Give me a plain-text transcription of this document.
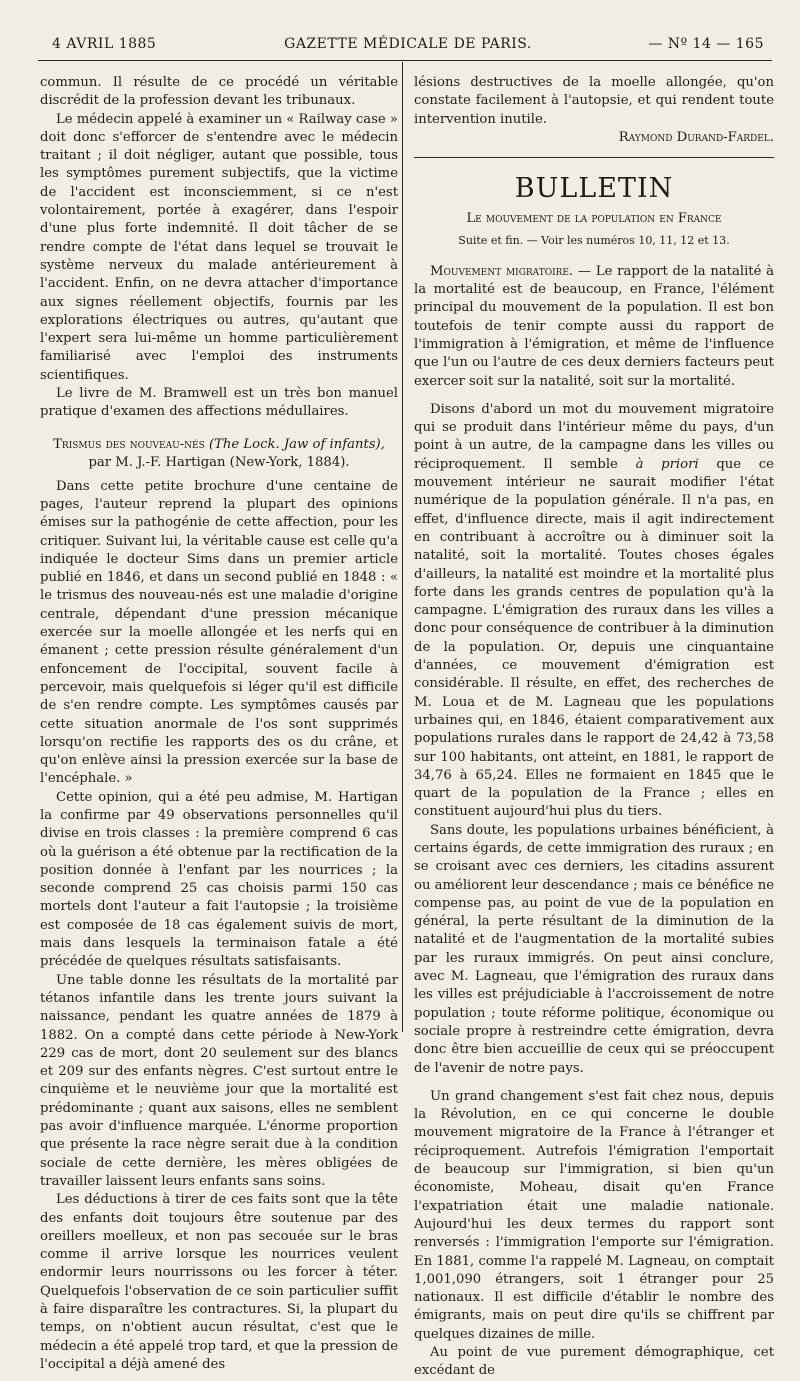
4 AVRIL 1885	GAZETTE MÉDICALE DE PARIS.	— Nº 14 — 165

commun. Il résulte de ce procédé un véritable discrédit de la profession devant les tribunaux.

Le médecin appelé à examiner un « Railway case » doit donc s'efforcer de s'entendre avec le médecin traitant ; il doit négliger, autant que possible, tous les symptômes purement subjectifs, que la victime de l'accident est inconsciemment, si ce n'est volontairement, portée à exagérer, dans l'espoir d'une plus forte indemnité. Il doit tâcher de se rendre compte de l'état dans lequel se trouvait le système nerveux du malade antérieurement à l'accident. Enfin, on ne devra attacher d'importance aux signes réellement objectifs, fournis par les explorations électriques ou autres, qu'autant que l'expert sera lui-même un homme particulièrement familiarisé avec l'emploi des instruments scientifiques.

Le livre de M. Bramwell est un très bon manuel pratique d'examen des affections médullaires.

Trismus des nouveau-nés (The Lock. Jaw of infants),
par M. J.-F. Hartigan (New-York, 1884).

Dans cette petite brochure d'une centaine de pages, l'auteur reprend la plupart des opinions émises sur la pathogénie de cette affection, pour les critiquer. Suivant lui, la véritable cause est celle qu'a indiquée le docteur Sims dans un premier article publié en 1846, et dans un second publié en 1848 : « le trismus des nouveau-nés est une maladie d'origine centrale, dépendant d'une pression mécanique exercée sur la moelle allongée et les nerfs qui en émanent ; cette pression résulte généralement d'un enfoncement de l'occipital, souvent facile à percevoir, mais quelquefois si léger qu'il est difficile de s'en rendre compte. Les symptômes causés par cette situation anormale de l'os sont supprimés lorsqu'on rectifie les rapports des os du crâne, et qu'on enlève ainsi la pression exercée sur la base de l'encéphale. »

Cette opinion, qui a été peu admise, M. Hartigan la confirme par 49 observations personnelles qu'il divise en trois classes : la première comprend 6 cas où la guérison a été obtenue par la rectification de la position donnée à l'enfant par les nourrices ; la seconde comprend 25 cas choisis parmi 150 cas mortels dont l'auteur a fait l'autopsie ; la troisième est composée de 18 cas également suivis de mort, mais dans lesquels la terminaison fatale a été précédée de quelques résultats satisfaisants.

Une table donne les résultats de la mortalité par tétanos infantile dans les trente jours suivant la naissance, pendant les quatre années de 1879 à 1882. On a compté dans cette période à New-York 229 cas de mort, dont 20 seulement sur des blancs et 209 sur des enfants nègres. C'est surtout entre le cinquième et le neuvième jour que la mortalité est prédominante ; quant aux saisons, elles ne semblent pas avoir d'influence marquée. L'énorme proportion que présente la race nègre serait due à la condition sociale de cette dernière, les mères obligées de travailler laissent leurs enfants sans soins.

Les déductions à tirer de ces faits sont que la tête des enfants doit toujours être soutenue par des oreillers moelleux, et non pas secouée sur le bras comme il arrive lorsque les nourrices veulent endormir leurs nourrissons ou les forcer à téter. Quelquefois l'observation de ce soin particulier suffit à faire disparaître les contractures. Si, la plupart du temps, on n'obtient aucun résultat, c'est que le médecin a été appelé trop tard, et que la pression de l'occipital a déjà amené des

lésions destructives de la moelle allongée, qu'on constate facilement à l'autopsie, et qui rendent toute intervention inutile.

Raymond Durand-Fardel.

BULLETIN

Le mouvement de la population en France

Suite et fin. — Voir les numéros 10, 11, 12 et 13.

Mouvement migratoire. — Le rapport de la natalité à la mortalité est de beaucoup, en France, l'élément principal du mouvement de la population. Il est bon toutefois de tenir compte aussi du rapport de l'immigration à l'émigration, et même de l'influence que l'un ou l'autre de ces deux derniers facteurs peut exercer soit sur la natalité, soit sur la mortalité.

Disons d'abord un mot du mouvement migratoire qui se produit dans l'intérieur même du pays, d'un point à un autre, de la campagne dans les villes ou réciproquement. Il semble à priori que ce mouvement intérieur ne saurait modifier l'état numérique de la population générale. Il n'a pas, en effet, d'influence directe, mais il agit indirectement en contribuant à accroître ou à diminuer soit la natalité, soit la mortalité. Toutes choses égales d'ailleurs, la natalité est moindre et la mortalité plus forte dans les grands centres de population qu'à la campagne. L'émigration des ruraux dans les villes a donc pour conséquence de contribuer à la diminution de la population. Or, depuis une cinquantaine d'années, ce mouvement d'émigration est considérable. Il résulte, en effet, des recherches de M. Loua et de M. Lagneau que les populations urbaines qui, en 1846, étaient comparativement aux populations rurales dans le rapport de 24,42 à 73,58 sur 100 habitants, ont atteint, en 1881, le rapport de 34,76 à 65,24. Elles ne formaient en 1845 que le quart de la population de la France ; elles en constituent aujourd'hui plus du tiers.

Sans doute, les populations urbaines bénéficient, à certains égards, de cette immigration des ruraux ; en se croisant avec ces derniers, les citadins assurent ou améliorent leur descendance ; mais ce bénéfice ne compense pas, au point de vue de la population en général, la perte résultant de la diminution de la natalité et de l'augmentation de la mortalité subies par les ruraux immigrés. On peut ainsi conclure, avec M. Lagneau, que l'émigration des ruraux dans les villes est préjudiciable à l'accroissement de notre population ; toute réforme politique, économique ou sociale propre à restreindre cette émigration, devra donc être bien accueillie de ceux qui se préoccupent de l'avenir de notre pays.

Un grand changement s'est fait chez nous, depuis la Révolution, en ce qui concerne le double mouvement migratoire de la France à l'étranger et réciproquement. Autrefois l'émigration l'emportait de beaucoup sur l'immigration, si bien qu'un économiste, Moheau, disait qu'en France l'expatriation était une maladie nationale. Aujourd'hui les deux termes du rapport sont renversés : l'immigration l'emporte sur l'émigration. En 1881, comme l'a rappelé M. Lagneau, on comptait 1,001,090 étrangers, soit 1 étranger pour 25 nationaux. Il est difficile d'établir le nombre des émigrants, mais on peut dire qu'ils se chiffrent par quelques dizaines de mille.

Au point de vue purement démographique, cet excédant de
